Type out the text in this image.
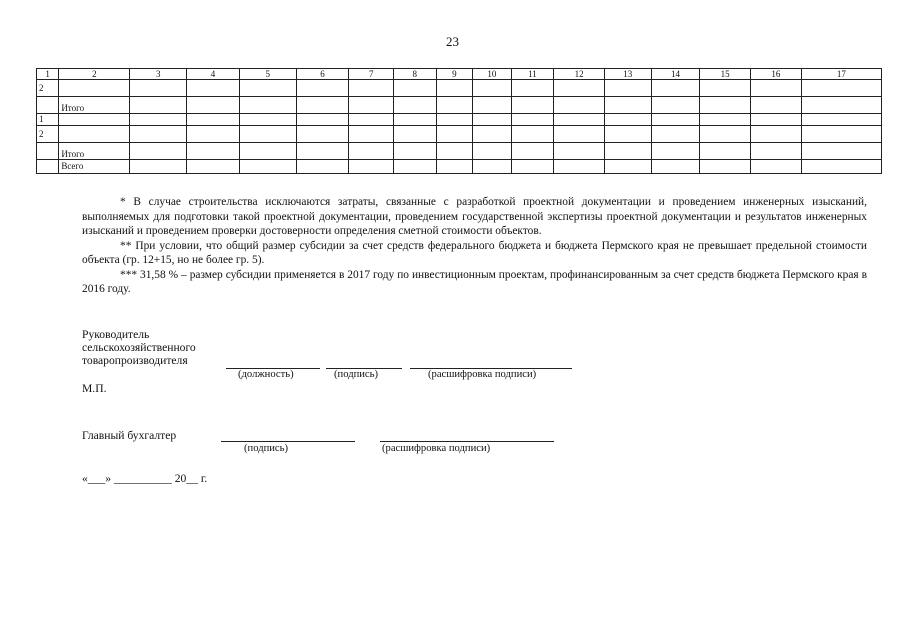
23
1	2	3	4	5	6	7	8	9	10	11	12	13	14	15	16	17
2																
	Итого															
1																
2																
	Итого															
	Всего															

* В случае строительства исключаются затраты, связанные с разработкой проектной документации и проведением инженерных изысканий, выполняемых для подготовки такой проектной документации, проведением государственной экспертизы проектной документации и результатов инженерных изысканий и проведением проверки достоверности определения сметной стоимости объектов.

** При условии, что общий размер субсидии за счет средств федерального бюджета и бюджета Пермского края не превышает предельной стоимости объекта (гр. 12+15, но не более гр. 5).

*** 31,58 % – размер субсидии применяется в 2017 году по инвестиционным проектам, профинансированным за счет средств бюджета Пермского края в 2016 году.

Руководитель
сельскохозяйственного
товаропроизводителя
(должность)	(подпись)	(расшифровка подписи)
М.П.
Главный бухгалтер
(подпись)	(расшифровка подписи)
«___» __________ 20__ г.
